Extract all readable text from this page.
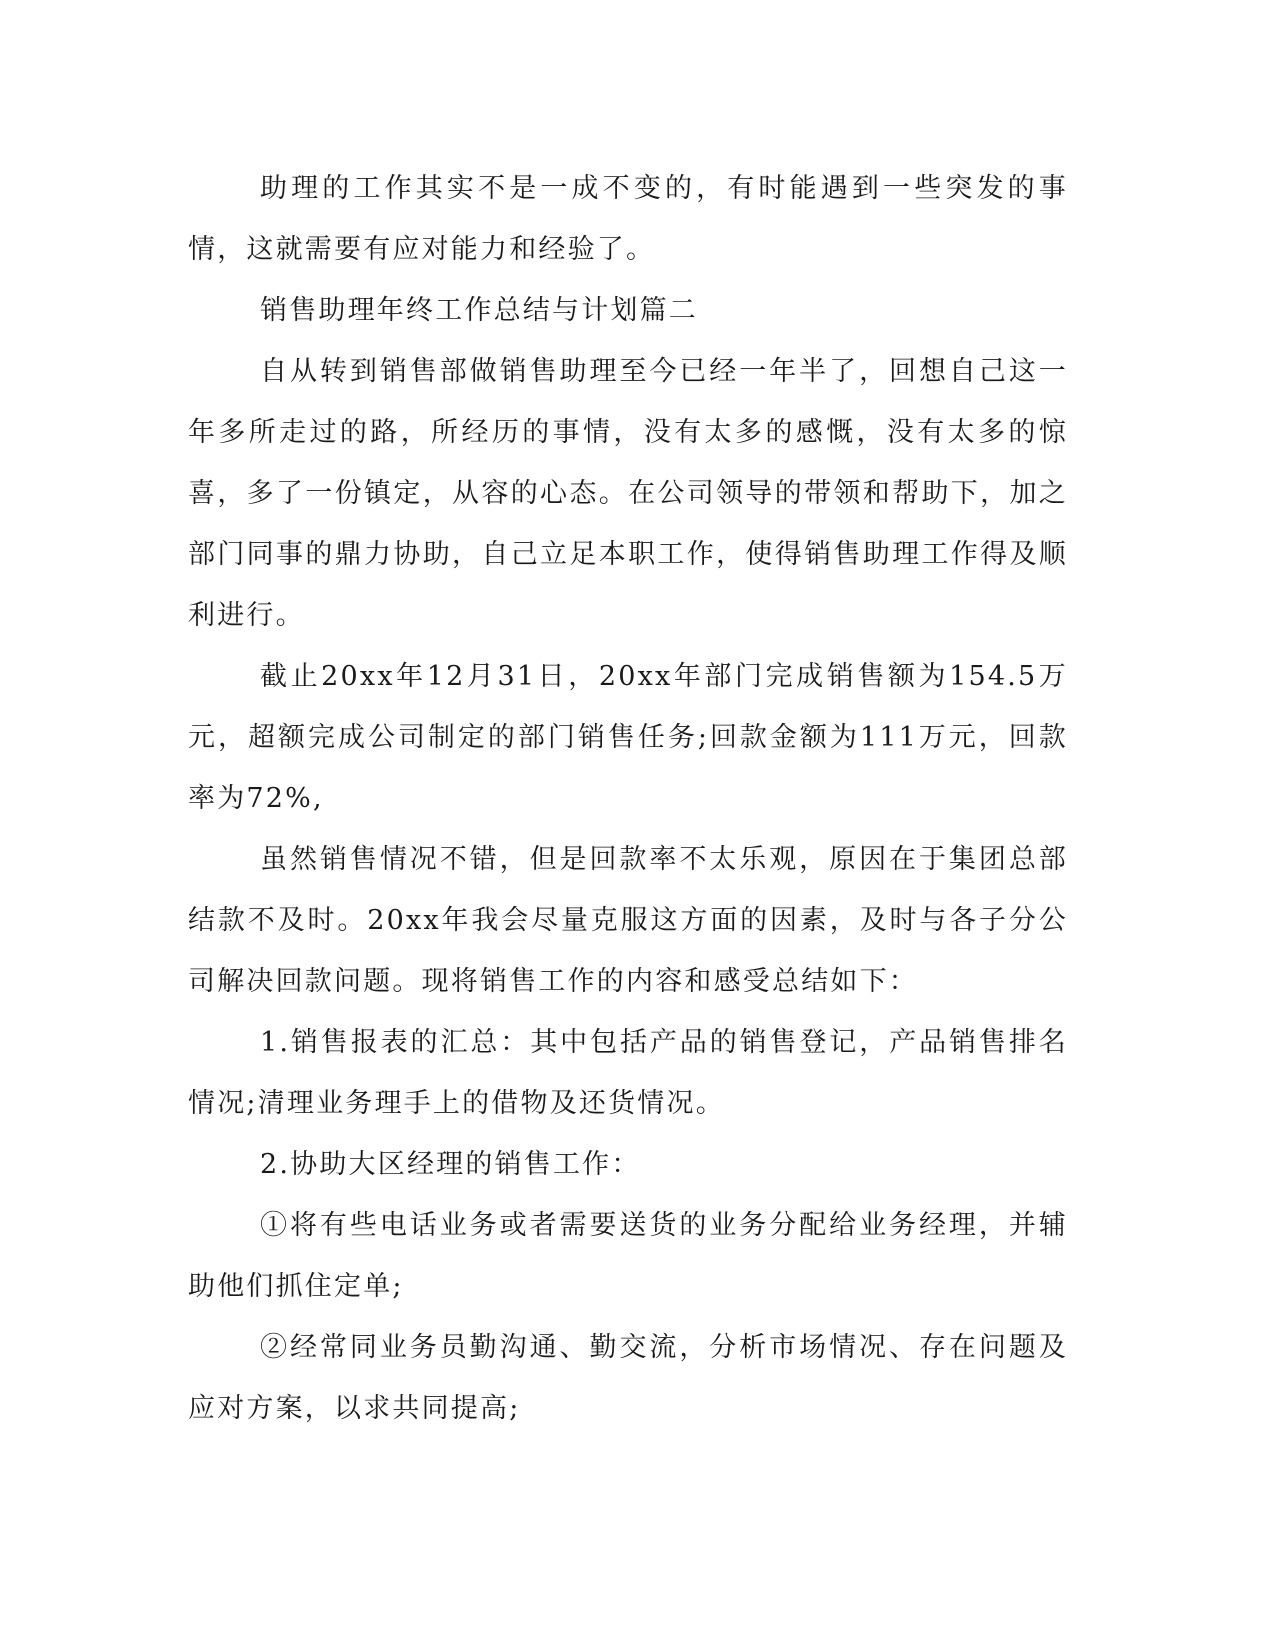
助理的工作其实不是一成不变的，有时能遇到一些突发的事情，这就需要有应对能力和经验了。

销售助理年终工作总结与计划篇二

自从转到销售部做销售助理至今已经一年半了，回想自己这一年多所走过的路，所经历的事情，没有太多的感慨，没有太多的惊喜，多了一份镇定，从容的心态。在公司领导的带领和帮助下，加之部门同事的鼎力协助，自己立足本职工作，使得销售助理工作得及顺利进行。

截止20xx年12月31日，20xx年部门完成销售额为154.5万元，超额完成公司制定的部门销售任务;回款金额为111万元，回款率为72%,

虽然销售情况不错，但是回款率不太乐观，原因在于集团总部结款不及时。20xx年我会尽量克服这方面的因素，及时与各子分公司解决回款问题。现将销售工作的内容和感受总结如下：

1.销售报表的汇总：其中包括产品的销售登记，产品销售排名情况;清理业务理手上的借物及还货情况。

2.协助大区经理的销售工作：

①将有些电话业务或者需要送货的业务分配给业务经理，并辅助他们抓住定单;

②经常同业务员勤沟通、勤交流，分析市场情况、存在问题及应对方案，以求共同提高;
